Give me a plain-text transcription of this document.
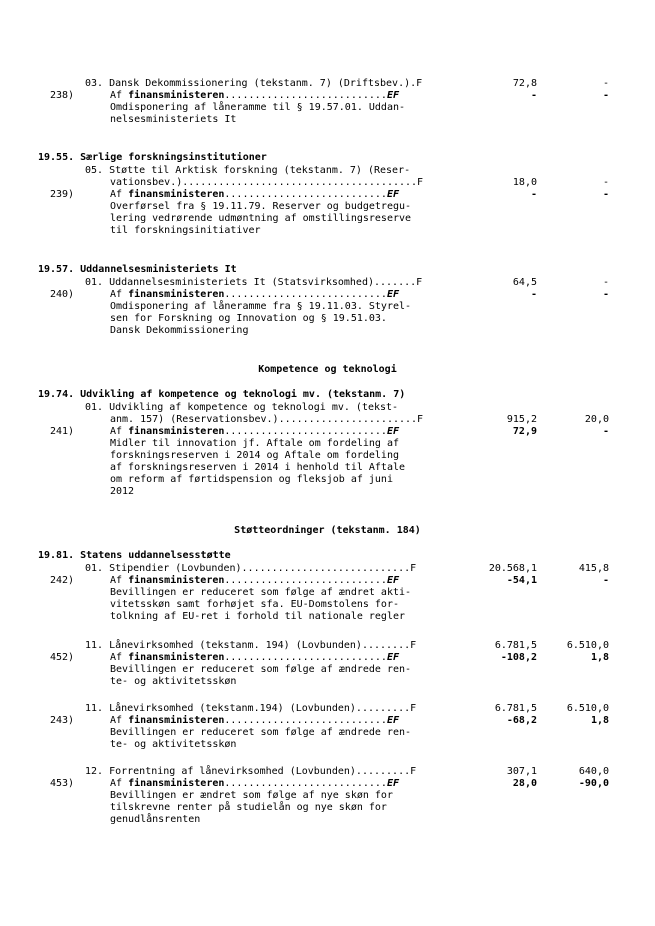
03. Dansk Dekommissionering (tekstanm. 7) (Driftsbev.).F	72,8	-
238)	Af finansministeren...........................EF	-	-
Omdisponering af låneramme til § 19.57.01. Uddan-
nelsesministeriets It
19.55. Særlige forskningsinstitutioner
05. Støtte til Arktisk forskning (tekstanm. 7) (Reser-
vationsbev.).......................................F	18,0	-
239)	Af finansministeren...........................EF	-	-
Overførsel fra § 19.11.79. Reserver og budgetregu-
lering vedrørende udmøntning af omstillingsreserve
til forskningsinitiativer
19.57. Uddannelsesministeriets It
01. Uddannelsesministeriets It (Statsvirksomhed).......F	64,5	-
240)	Af finansministeren...........................EF	-	-
Omdisponering af låneramme fra § 19.11.03. Styrel-
sen for Forskning og Innovation og § 19.51.03.
Dansk Dekommissionering
Kompetence og teknologi
19.74. Udvikling af kompetence og teknologi mv. (tekstanm. 7)
01. Udvikling af kompetence og teknologi mv. (tekst-
anm. 157) (Reservationsbev.).......................F	915,2	20,0
241)	Af finansministeren...........................EF	72,9	-
Midler til innovation jf. Aftale om fordeling af
forskningsreserven i 2014 og Aftale om fordeling
af forskningsreserven i 2014 i henhold til Aftale
om reform af førtidspension og fleksjob af juni
2012
Støtteordninger (tekstanm. 184)
19.81. Statens uddannelsesstøtte
01. Stipendier (Lovbunden)............................F	20.568,1	415,8
242)	Af finansministeren...........................EF	-54,1	-
Bevillingen er reduceret som følge af ændret akti-
vitetsskøn samt forhøjet sfa. EU-Domstolens for-
tolkning af EU-ret i forhold til nationale regler
11. Lånevirksomhed (tekstanm. 194) (Lovbunden)........F	6.781,5	6.510,0
452)	Af finansministeren...........................EF	-108,2	1,8
Bevillingen er reduceret som følge af ændrede ren-
te- og aktivitetsskøn
11. Lånevirksomhed (tekstanm.194) (Lovbunden).........F	6.781,5	6.510,0
243)	Af finansministeren...........................EF	-68,2	1,8
Bevillingen er reduceret som følge af ændrede ren-
te- og aktivitetsskøn
12. Forrentning af lånevirksomhed (Lovbunden).........F	307,1	640,0
453)	Af finansministeren...........................EF	28,0	-90,0
Bevillingen er ændret som følge af nye skøn for
tilskrevne renter på studielån og nye skøn for
genudlånsrenten
